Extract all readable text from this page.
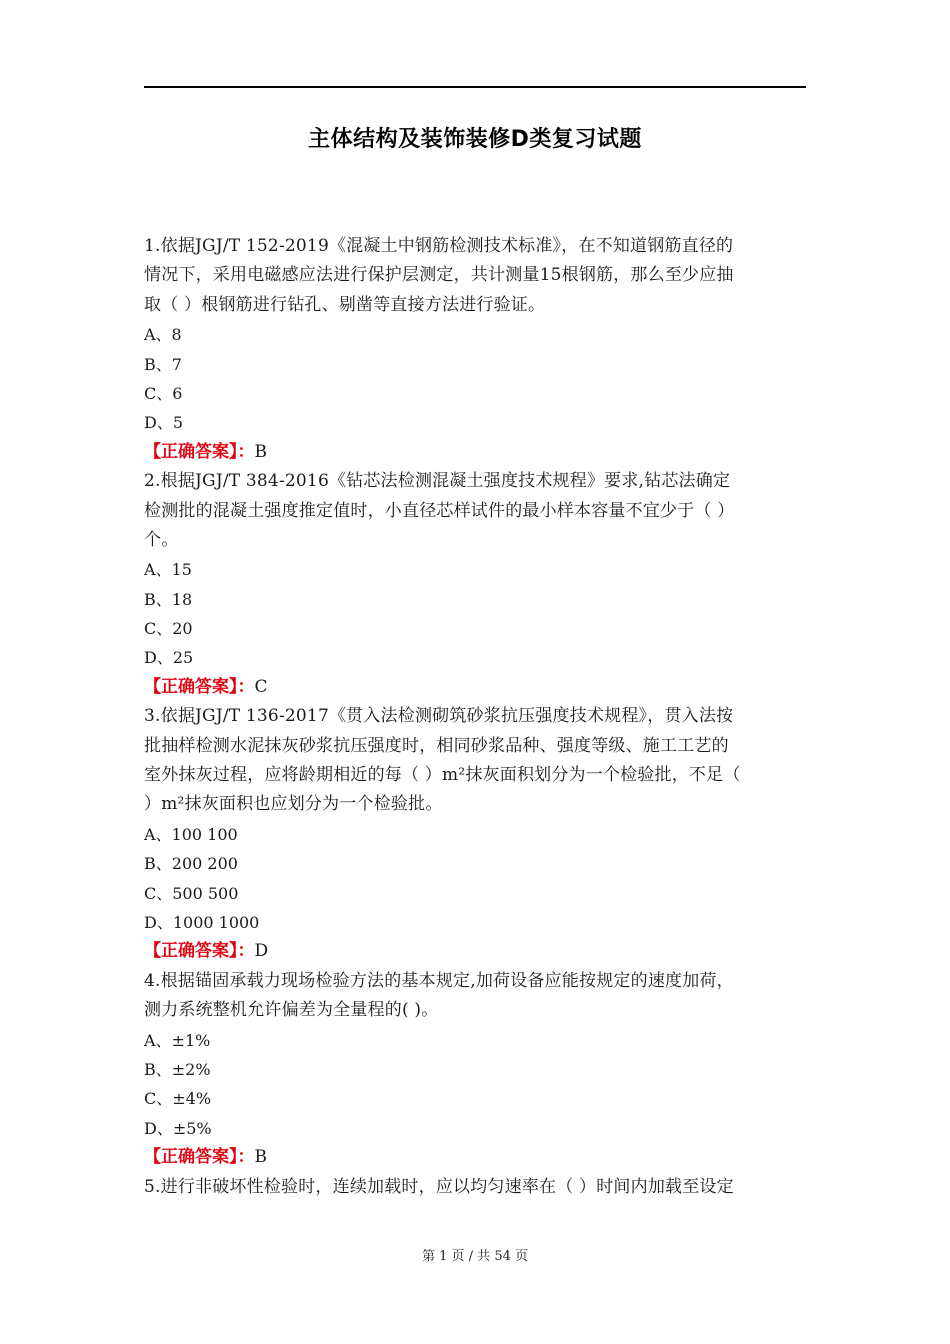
主体结构及装饰装修D类复习试题
1.依据JGJ/T 152-2019《混凝土中钢筋检测技术标准》，在不知道钢筋直径的
情况下，采用电磁感应法进行保护层测定，共计测量15根钢筋，那么至少应抽
取（ ）根钢筋进行钻孔、剔凿等直接方法进行验证。
A、8
B、7
C、6
D、5
【正确答案】：B
2.根据JGJ/T 384-2016《钻芯法检测混凝土强度技术规程》要求,钻芯法确定
检测批的混凝土强度推定值时，小直径芯样试件的最小样本容量不宜少于（ ）
个。
A、15
B、18
C、20
D、25
【正确答案】：C
3.依据JGJ/T 136-2017《贯入法检测砌筑砂浆抗压强度技术规程》，贯入法按
批抽样检测水泥抹灰砂浆抗压强度时，相同砂浆品种、强度等级、施工工艺的
室外抹灰过程，应将龄期相近的每（ ）m²抹灰面积划分为一个检验批，不足（
）m²抹灰面积也应划分为一个检验批。
A、100 100
B、200 200
C、500 500
D、1000 1000
【正确答案】：D
4.根据锚固承载力现场检验方法的基本规定,加荷设备应能按规定的速度加荷，
测力系统整机允许偏差为全量程的( )。
A、±1%
B、±2%
C、±4%
D、±5%
【正确答案】：B
5.进行非破坏性检验时，连续加载时，应以均匀速率在（ ）时间内加载至设定
第 1 页 / 共 54 页
